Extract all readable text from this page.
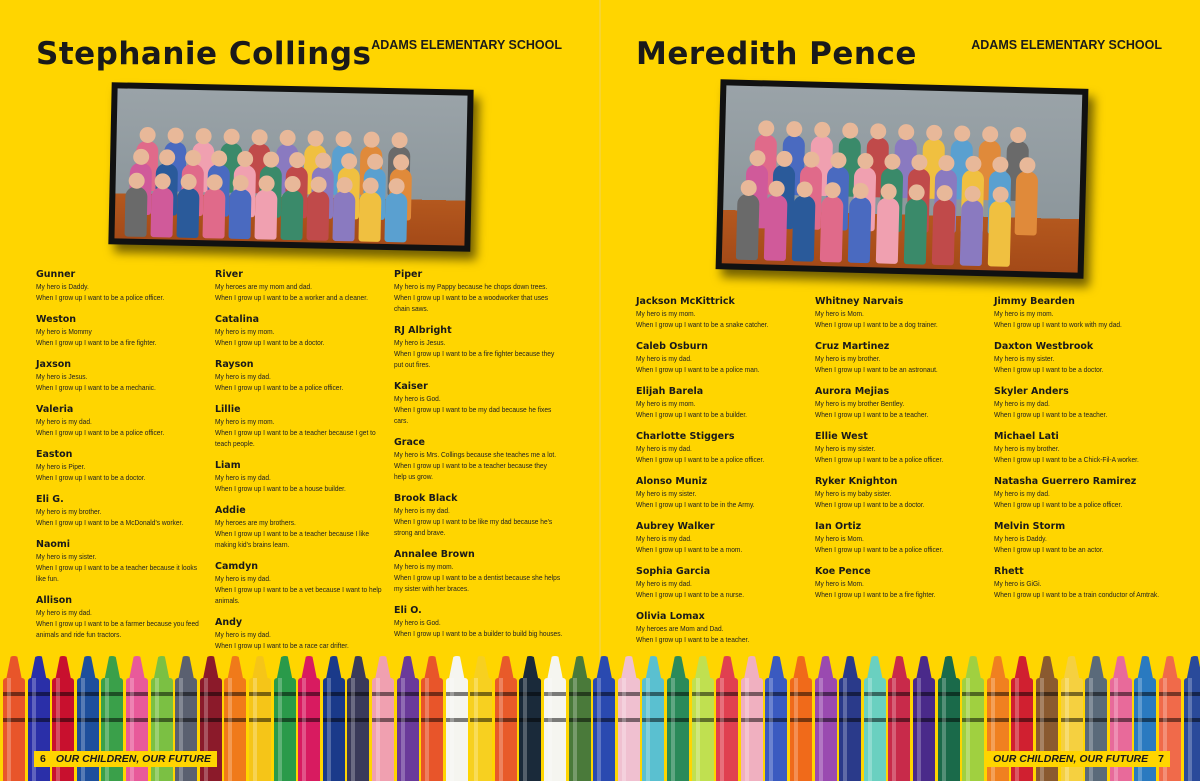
Stephanie Collings ADAMS ELEMENTARY SCHOOL
Gunner
My hero is Daddy.
When I grow up I want to be a police officer.
Weston
My hero is Mommy
When I grow up I want to be a fire fighter.
Jaxson
My hero is Jesus.
When I grow up I want to be a mechanic.
Valeria
My hero is my dad.
When I grow up I want to be a police officer.
Easton
My hero is Piper.
When I grow up I want to be a doctor.
Eli G.
My hero is my brother.
When I grow up I want to be a McDonald's worker.
Naomi
My hero is my sister.
When I grow up I want to be a teacher because it looks
like fun.
Allison
My hero is my dad.
When I grow up I want to be a farmer because you feed
animals and ride fun tractors.
River
My heroes are my mom and dad.
When I grow up I want to be a worker and a cleaner.
Catalina
My hero is my mom.
When I grow up I want to be a doctor.
Rayson
My hero is my dad.
When I grow up I want to be a police officer.
Lillie
My hero is my mom.
When I grow up I want to be a teacher because I get to
teach people.
Liam
My hero is my dad.
When I grow up I want to be a house builder.
Addie
My heroes are my brothers.
When I grow up I want to be a teacher because I like
making kid's brains learn.
Camdyn
My hero is my dad.
When I grow up I want to be a vet because I want to help
animals.
Andy
My hero is my dad.
When I grow up I want to be a race car drifter.
Piper
My hero is my Pappy because he chops down trees.
When I grow up I want to be a woodworker that uses
chain saws.
RJ Albright
My hero is Jesus.
When I grow up I want to be a fire fighter because they
put out fires.
Kaiser
My hero is God.
When I grow up I want to be my dad because he fixes cars.
Grace
My hero is Mrs. Collings because she teaches me a lot.
When I grow up I want to be a teacher because they
help us grow.
Brook Black
My hero is my dad.
When I grow up I want to be like my dad because he's
strong and brave.
Annalee Brown
My hero is my mom.
When I grow up I want to be a dentist because she helps
my sister with her braces.
Eli O.
My hero is God.
When I grow up I want to be a builder to build big houses.
Meredith Pence	ADAMS ELEMENTARY SCHOOL
Jackson McKittrick
My hero is my mom.
When I grow up I want to be a snake catcher.
Caleb Osburn
My hero is my dad.
When I grow up I want to be a police man.
Elijah Barela
My hero is my mom.
When I grow up I want to be a builder.
Charlotte Stiggers
My hero is my dad.
When I grow up I want to be a police officer.
Alonso Muniz
My hero is my sister.
When I grow up I want to be in the Army.
Aubrey Walker
My hero is my dad.
When I grow up I want to be a mom.
Sophia Garcia
My hero is my dad.
When I grow up I want to be a nurse.
Olivia Lomax
My heroes are Mom and Dad.
When I grow up I want to be a teacher.
Whitney Narvais
My hero is Mom.
When I grow up I want to be a dog trainer.
Cruz Martinez
My hero is my brother.
When I grow up I want to be an astronaut.
Aurora Mejias
My hero is my brother Bentley.
When I grow up I want to be a teacher.
Ellie West
My hero is my sister.
When I grow up I want to be a police officer.
Ryker Knighton
My hero is my baby sister.
When I grow up I want to be a doctor.
Ian Ortiz
My hero is Mom.
When I grow up I want to be a police officer.
Koe Pence
My hero is Mom.
When I grow up I want to be a fire fighter.
Jimmy Bearden
My hero is my mom.
When I grow up I want to work with my dad.
Daxton Westbrook
My hero is my sister.
When I grow up I want to be a doctor.
Skyler Anders
My hero is my dad.
When I grow up I want to be a teacher.
Michael Lati
My hero is my brother.
When I grow up I want to be a Chick-Fil-A worker.
Natasha Guerrero Ramirez
My hero is my dad.
When I grow up I want to be a police officer.
Melvin Storm
My hero is Daddy.
When I grow up I want to be an actor.
Rhett
My hero is GiGi.
When I grow up I want to be a train conductor of Amtrak.
6 OUR CHILDREN, OUR FUTURE	OUR CHILDREN, OUR FUTURE 7
